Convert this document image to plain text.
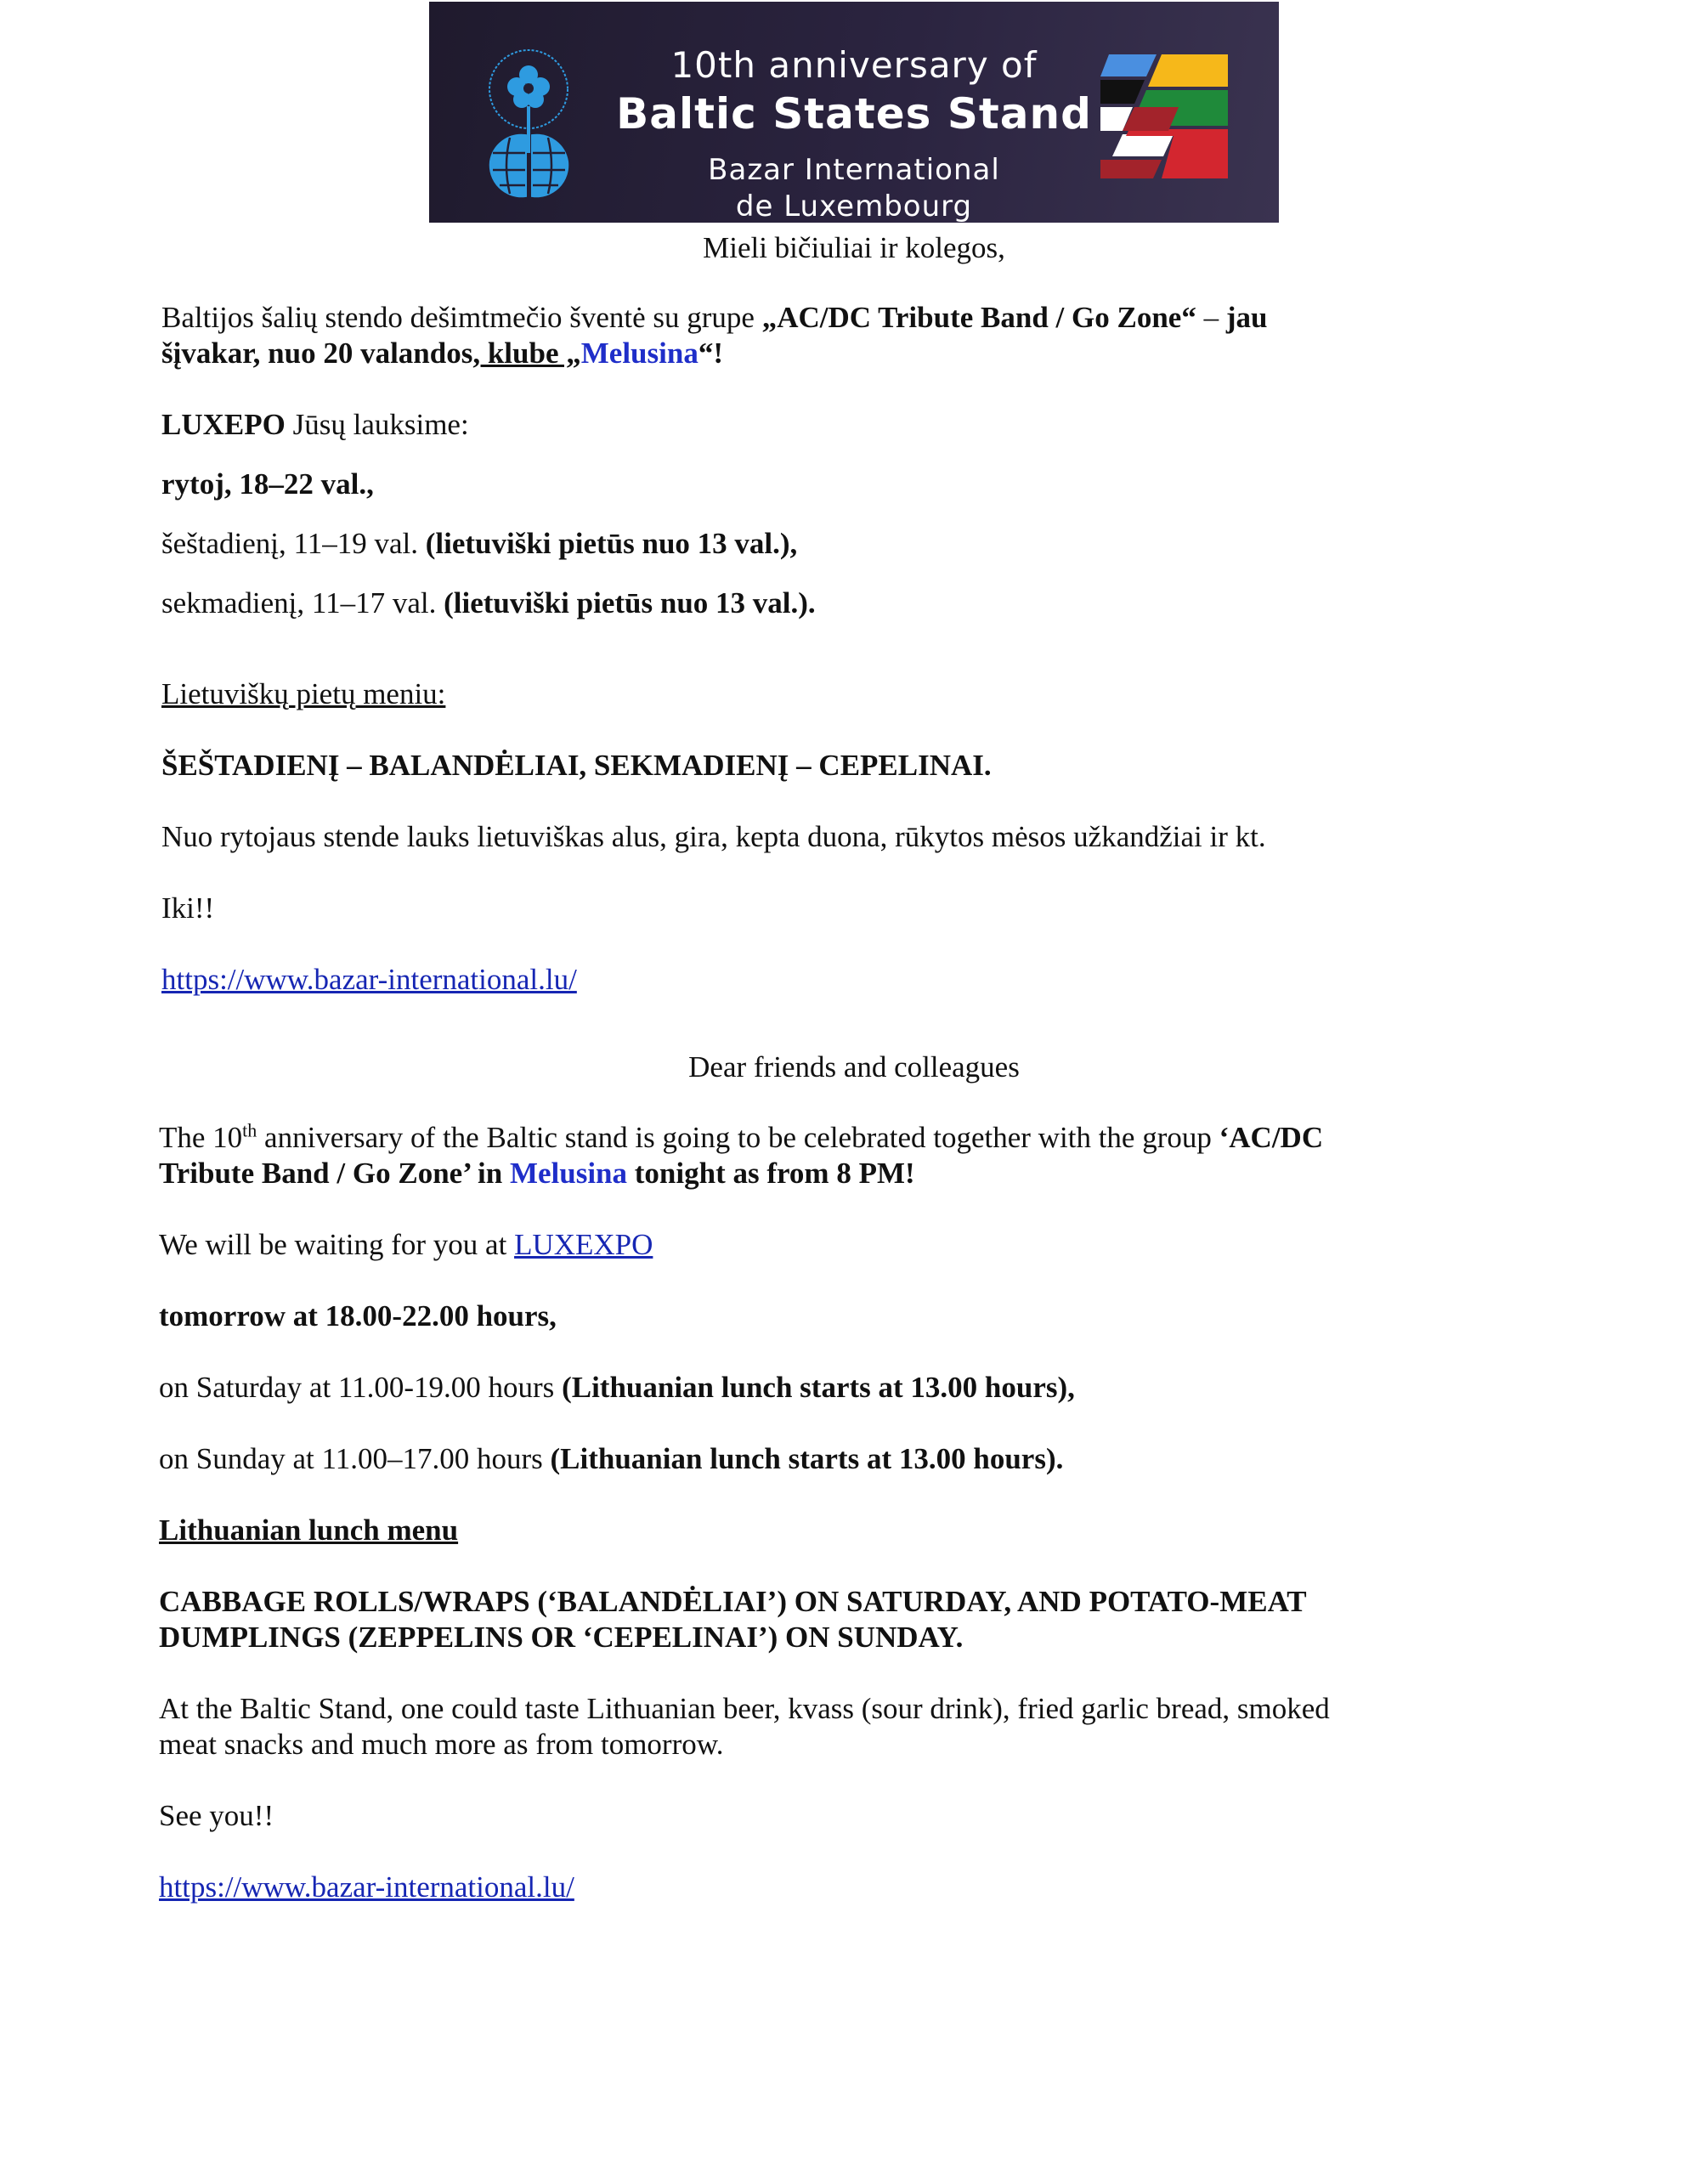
10th anniversary of
Baltic States Stand
Bazar International
de Luxembourg
Mieli bičiuliai ir kolegos,
Baltijos šalių stendo dešimtmečio šventė su grupe „AC/DC Tribute Band / Go Zone“ – jau
šįvakar, nuo 20 valandos, klube „Melusina“!
LUXEPO Jūsų lauksime:
rytoj, 18–22 val.,
šeštadienį, 11–19 val. (lietuviški pietūs nuo 13 val.),
sekmadienį, 11–17 val. (lietuviški pietūs nuo 13 val.).
Lietuviškų pietų meniu:
ŠEŠTADIENĮ – BALANDĖLIAI, SEKMADIENĮ – CEPELINAI.
Nuo rytojaus stende lauks lietuviškas alus, gira, kepta duona, rūkytos mėsos užkandžiai ir kt.
Iki!!
https://www.bazar-international.lu/
Dear friends and colleagues
The 10th anniversary of the Baltic stand is going to be celebrated together with the group ‘AC/DC
Tribute Band / Go Zone’ in Melusina tonight as from 8 PM!
We will be waiting for you at LUXEXPO
tomorrow at 18.00-22.00 hours,
on Saturday at 11.00-19.00 hours (Lithuanian lunch starts at 13.00 hours),
on Sunday at 11.00–17.00 hours (Lithuanian lunch starts at 13.00 hours).
Lithuanian lunch menu
CABBAGE ROLLS/WRAPS (‘BALANDĖLIAI’) ON SATURDAY, AND POTATO-MEAT
DUMPLINGS (ZEPPELINS OR ‘CEPELINAI’) ON SUNDAY.
At the Baltic Stand, one could taste Lithuanian beer, kvass (sour drink), fried garlic bread, smoked
meat snacks and much more as from tomorrow.
See you!!
https://www.bazar-international.lu/
